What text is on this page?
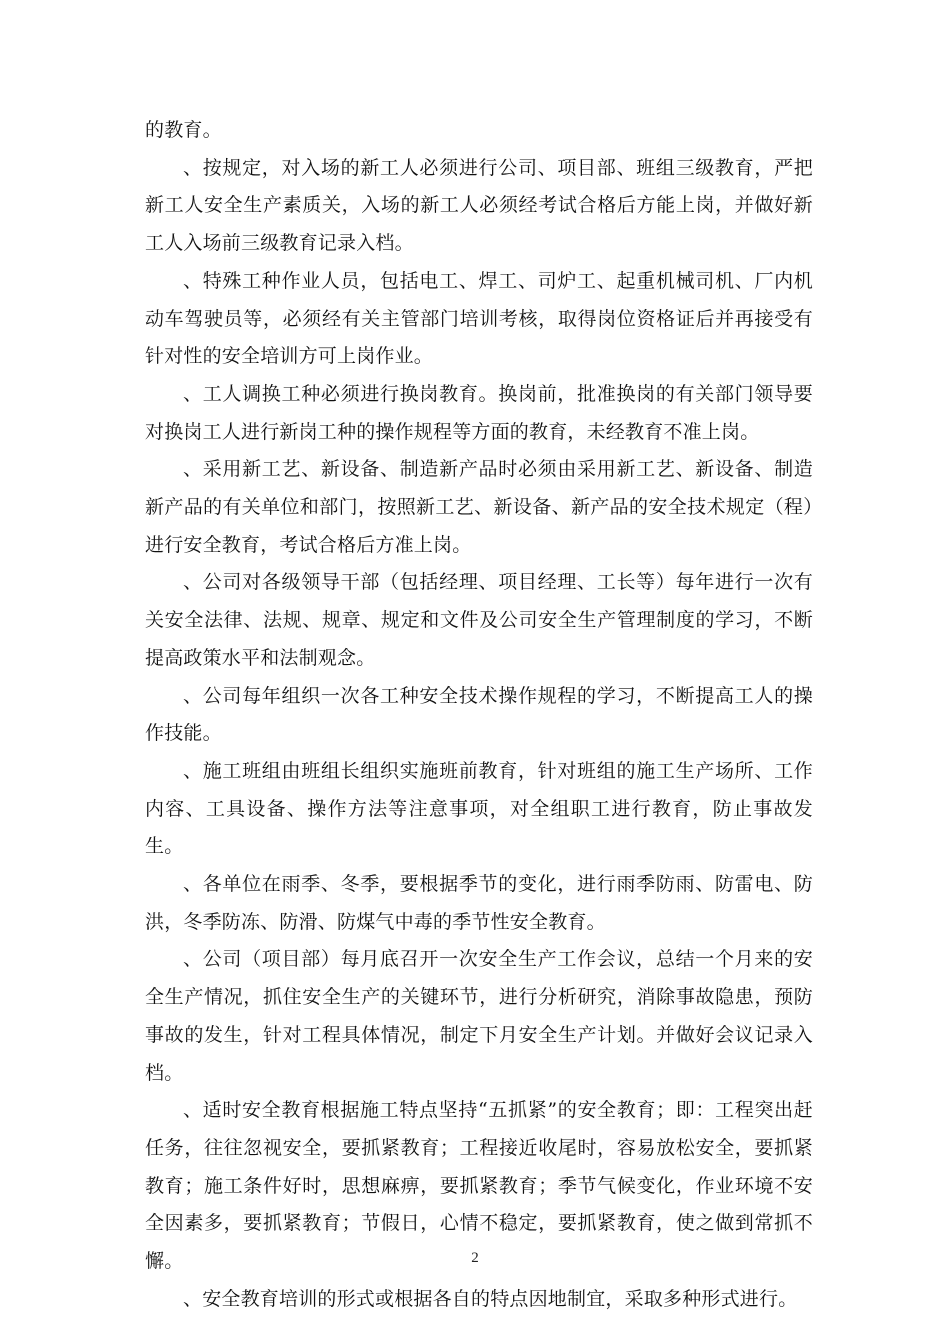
的教育。

、按规定，对入场的新工人必须进行公司、项目部、班组三级教育，严把新工人安全生产素质关，入场的新工人必须经考试合格后方能上岗，并做好新工人入场前三级教育记录入档。

、特殊工种作业人员，包括电工、焊工、司炉工、起重机械司机、厂内机动车驾驶员等，必须经有关主管部门培训考核，取得岗位资格证后并再接受有针对性的安全培训方可上岗作业。

、工人调换工种必须进行换岗教育。换岗前，批准换岗的有关部门领导要对换岗工人进行新岗工种的操作规程等方面的教育，未经教育不准上岗。

、采用新工艺、新设备、制造新产品时必须由采用新工艺、新设备、制造新产品的有关单位和部门，按照新工艺、新设备、新产品的安全技术规定（程）进行安全教育，考试合格后方准上岗。

、公司对各级领导干部（包括经理、项目经理、工长等）每年进行一次有关安全法律、法规、规章、规定和文件及公司安全生产管理制度的学习，不断提高政策水平和法制观念。

、公司每年组织一次各工种安全技术操作规程的学习，不断提高工人的操作技能。

、施工班组由班组长组织实施班前教育，针对班组的施工生产场所、工作内容、工具设备、操作方法等注意事项，对全组职工进行教育，防止事故发生。

、各单位在雨季、冬季，要根据季节的变化，进行雨季防雨、防雷电、防洪，冬季防冻、防滑、防煤气中毒的季节性安全教育。

、公司（项目部）每月底召开一次安全生产工作会议，总结一个月来的安全生产情况，抓住安全生产的关键环节，进行分析研究，消除事故隐患，预防事故的发生，针对工程具体情况，制定下月安全生产计划。并做好会议记录入档。

、适时安全教育根据施工特点坚持“五抓紧”的安全教育；即：工程突出赶任务，往往忽视安全，要抓紧教育；工程接近收尾时，容易放松安全，要抓紧教育；施工条件好时，思想麻痹，要抓紧教育；季节气候变化，作业环境不安全因素多，要抓紧教育；节假日，心情不稳定，要抓紧教育，使之做到常抓不懈。

、安全教育培训的形式或根据各自的特点因地制宜，采取多种形式进行。

2
